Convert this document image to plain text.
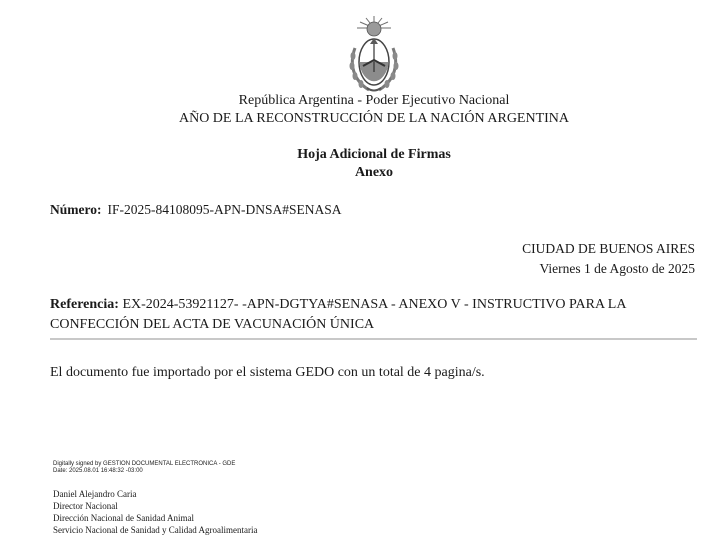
República Argentina - Poder Ejecutivo Nacional
AÑO DE LA RECONSTRUCCIÓN DE LA NACIÓN ARGENTINA
Hoja Adicional de Firmas
Anexo
Número: IF-2025-84108095-APN-DNSA#SENASA
CIUDAD DE BUENOS AIRES
Viernes 1 de Agosto de 2025
Referencia: EX-2024-53921127- -APN-DGTYA#SENASA - ANEXO V - INSTRUCTIVO PARA LA CONFECCIÓN DEL ACTA DE VACUNACIÓN ÚNICA
El documento fue importado por el sistema GEDO con un total de 4 pagina/s.
Digitally signed by GESTION DOCUMENTAL ELECTRONICA - GDE
Date: 2025.08.01 16:48:32 -03:00
Daniel Alejandro Caria
Director Nacional
Dirección Nacional de Sanidad Animal
Servicio Nacional de Sanidad y Calidad Agroalimentaria
